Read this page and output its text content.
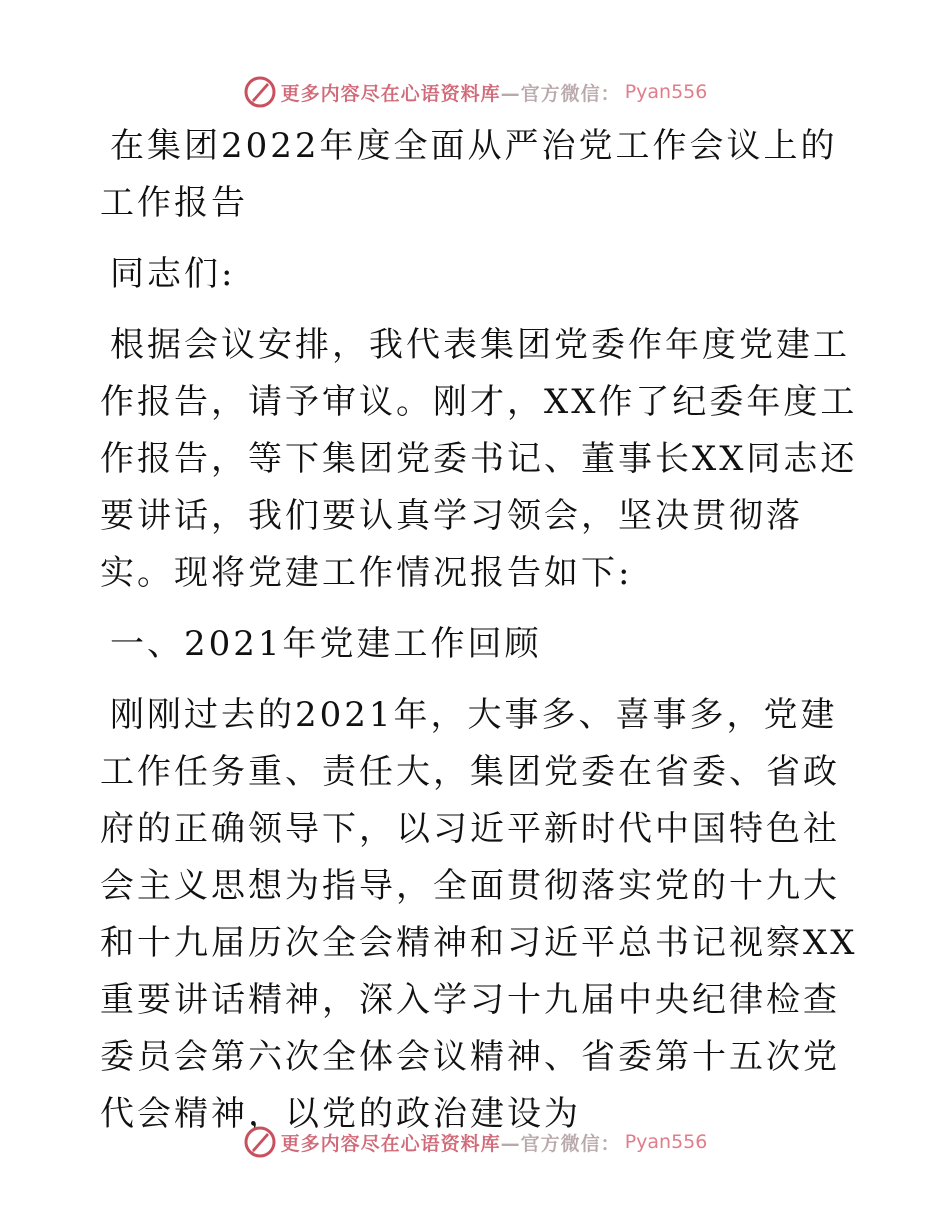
更多内容尽在心语资料库 —官方微信： Pyan556

在集团2022年度全面从严治党工作会议上的工作报告

同志们:

根据会议安排，我代表集团党委作年度党建工作报告，请予审议。刚才，XX作了纪委年度工作报告，等下集团党委书记、董事长XX同志还要讲话，我们要认真学习领会，坚决贯彻落实。现将党建工作情况报告如下:

一、2021年党建工作回顾

刚刚过去的2021年，大事多、喜事多，党建工作任务重、责任大，集团党委在省委、省政府的正确领导下，以习近平新时代中国特色社会主义思想为指导，全面贯彻落实党的十九大和十九届历次全会精神和习近平总书记视察XX重要讲话精神，深入学习十九届中央纪律检查委员会第六次全体会议精神、省委第十五次党代会精神，以党的政治建设为

更多内容尽在心语资料库 —官方微信： Pyan556
